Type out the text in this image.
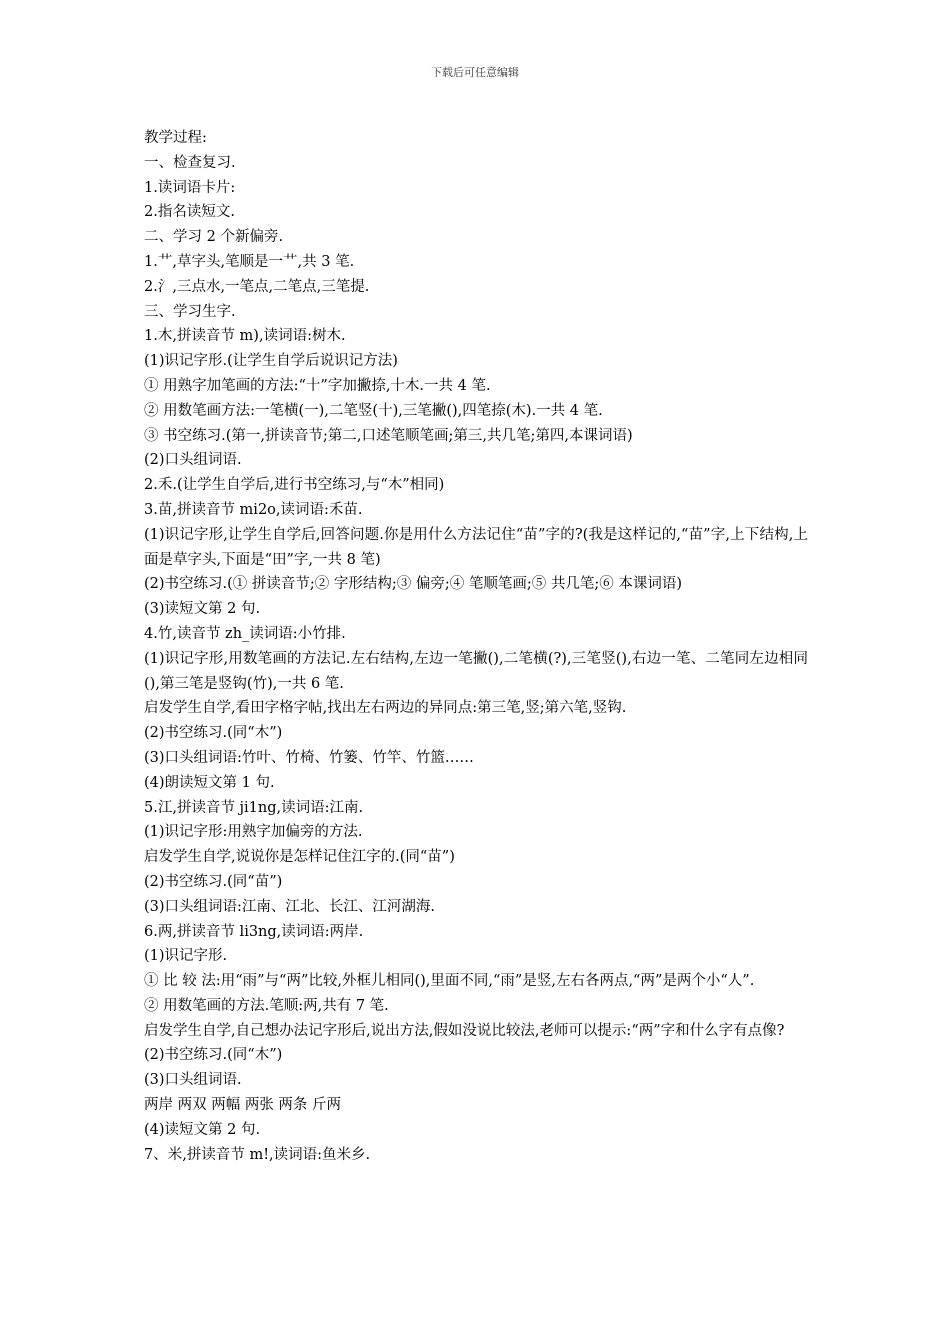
下载后可任意编辑
教学过程:
一、检查复习.
1.读词语卡片:
2.指名读短文.
二、学习 2 个新偏旁.
1.艹,草字头,笔顺是一艹,共 3 笔.
2.氵,三点水,一笔点,二笔点,三笔提.
三、学习生字.
1.木,拼读音节 m),读词语:树木.
(1)识记字形.(让学生自学后说识记方法)
① 用熟字加笔画的方法:“十”字加撇捺,十木.一共 4 笔.
② 用数笔画方法:一笔横(一),二笔竖(十),三笔撇(),四笔捺(木).一共 4 笔.
③ 书空练习.(第一,拼读音节;第二,口述笔顺笔画;第三,共几笔;第四,本课词语)
(2)口头组词语.
2.禾.(让学生自学后,进行书空练习,与“木”相同)
3.苗,拼读音节 mi2o,读词语:禾苗.
(1)识记字形,让学生自学后,回答问题.你是用什么方法记住“苗”字的?(我是这样记的,“苗”字,上下结构,上面是草字头,下面是“田”字,一共 8 笔)
(2)书空练习.(① 拼读音节;② 字形结构;③ 偏旁;④ 笔顺笔画;⑤ 共几笔;⑥ 本课词语)
(3)读短文第 2 句.
4.竹,读音节 zh_读词语:小竹排.
(1)识记字形,用数笔画的方法记.左右结构,左边一笔撇(),二笔横(?),三笔竖(),右边一笔、二笔同左边相同(),第三笔是竖钩(竹),一共 6 笔.
启发学生自学,看田字格字帖,找出左右两边的异同点:第三笔,竖;第六笔,竖钩.
(2)书空练习.(同“木”)
(3)口头组词语:竹叶、竹椅、竹篓、竹竿、竹篮……
(4)朗读短文第 1 句.
5.江,拼读音节 ji1ng,读词语:江南.
(1)识记字形:用熟字加偏旁的方法.
启发学生自学,说说你是怎样记住江字的.(同“苗”)
(2)书空练习.(同“苗”)
(3)口头组词语:江南、江北、长江、江河湖海.
6.两,拼读音节 li3ng,读词语:两岸.
(1)识记字形.
① 比 较 法:用“雨”与“两”比较,外框儿相同(),里面不同,“雨”是竖,左右各两点,“两”是两个小“人”.
② 用数笔画的方法.笔顺:两,共有 7 笔.
启发学生自学,自己想办法记字形后,说出方法,假如没说比较法,老师可以提示:“两”字和什么字有点像?
(2)书空练习.(同“木”)
(3)口头组词语.
两岸 两双 两幅 两张 两条 斤两
(4)读短文第 2 句.
7、米,拼读音节 m!,读词语:鱼米乡.
